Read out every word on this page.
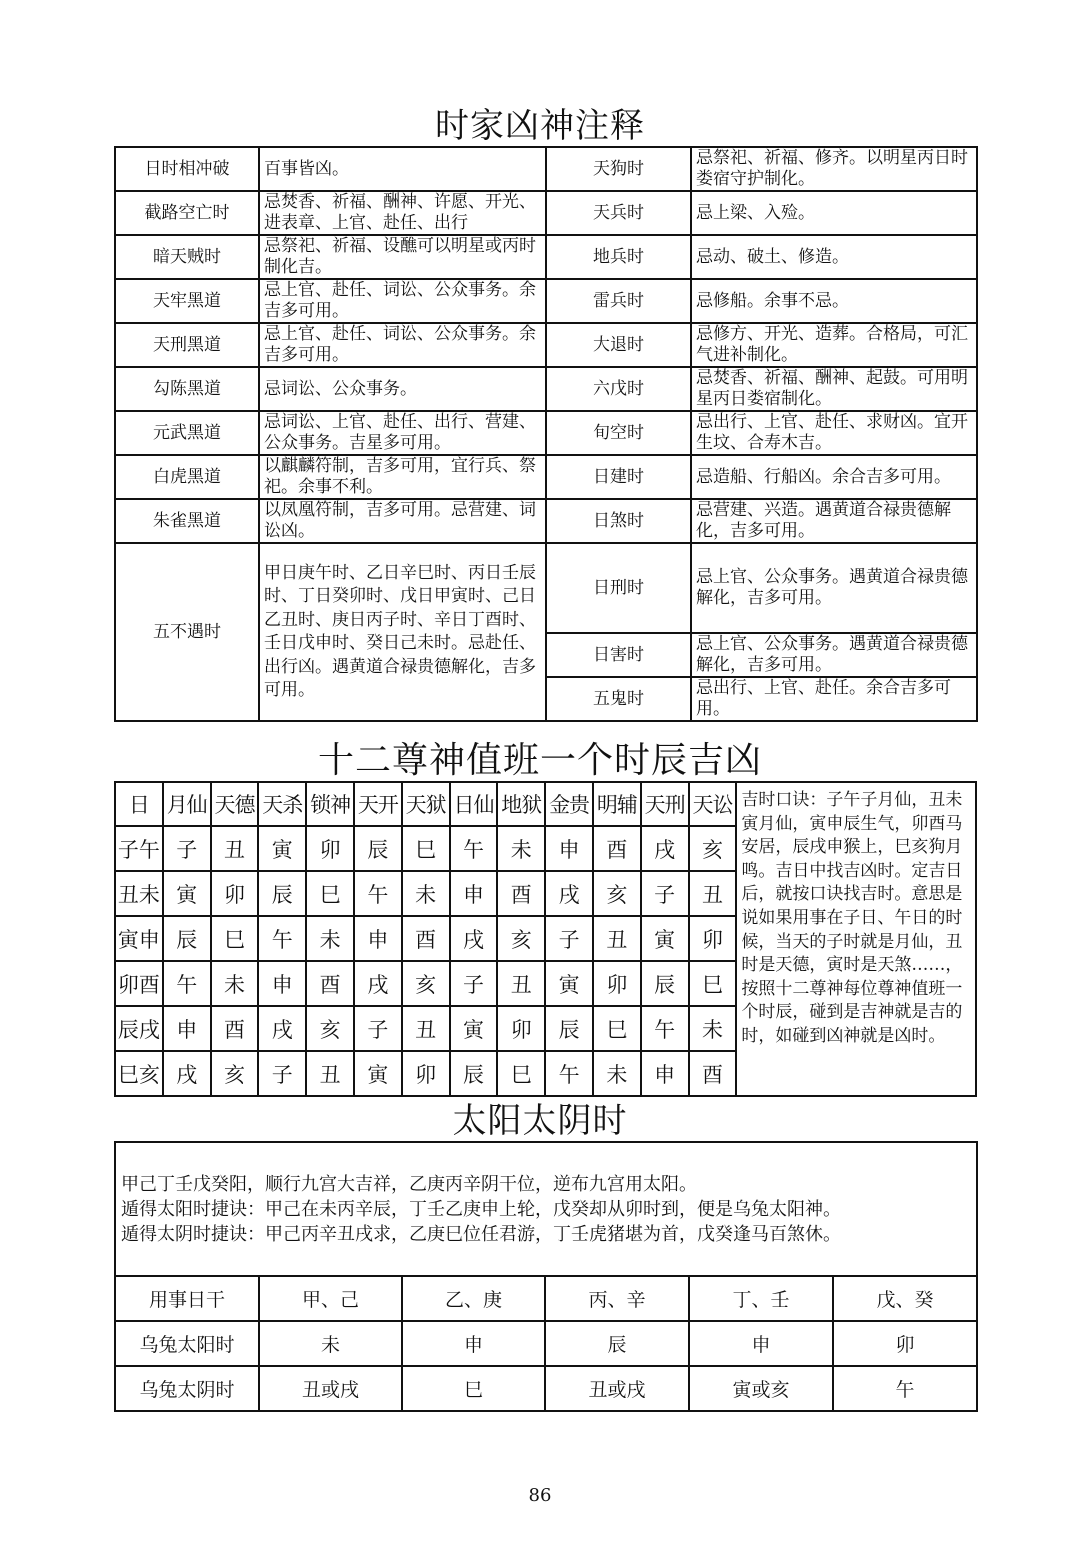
时家凶神注释
日时相冲破	百事皆凶。	天狗时	忌祭祀、祈福、修齐。以明星丙日时娄宿守护制化。
截路空亡时	忌焚香、祈福、酬神、许愿、开光、进表章、上官、赴任、出行	天兵时	忌上梁、入殓。
暗天贼时	忌祭祀、祈福、设醮可以明星或丙时制化吉。	地兵时	忌动、破土、修造。
天牢黑道	忌上官、赴任、词讼、公众事务。余吉多可用。	雷兵时	忌修船。余事不忌。
天刑黑道	忌上官、赴任、词讼、公众事务。余吉多可用。	大退时	忌修方、开光、造葬。合格局，可汇气进补制化。
勾陈黑道	忌词讼、公众事务。	六戊时	忌焚香、祈福、酬神、起鼓。可用明星丙日娄宿制化。
元武黑道	忌词讼、上官、赴任、出行、营建、公众事务。吉星多可用。	旬空时	忌出行、上官、赴任、求财凶。宜开生坟、合寿木吉。
白虎黑道	以麒麟符制，吉多可用，宜行兵、祭祀。余事不利。	日建时	忌造船、行船凶。余合吉多可用。
朱雀黑道	以凤凰符制，吉多可用。忌营建、词讼凶。	日煞时	忌营建、兴造。遇黄道合禄贵德解化，吉多可用。
五不遇时	甲日庚午时、乙日辛巳时、丙日壬辰时、丁日癸卯时、戊日甲寅时、己日乙丑时、庚日丙子时、辛日丁酉时、壬日戊申时、癸日己未时。忌赴任、出行凶。遇黄道合禄贵德解化，吉多可用。	日刑时	忌上官、公众事务。遇黄道合禄贵德解化，吉多可用。
		日害时	忌上官、公众事务。遇黄道合禄贵德解化，吉多可用。
		五鬼时	忌出行、上官、赴任。余合吉多可用。
十二尊神值班一个时辰吉凶
日	月仙	天德	天杀	锁神	天开	天狱	日仙	地狱	金贵	明辅	天刑	天讼	吉时口诀：子午子月仙，丑未寅月仙，寅申辰生气，卯酉马安居，辰戌申猴上，巳亥狗月鸣。吉日中找吉凶时。定吉日后，就按口诀找吉时。意思是说如果用事在子日、午日的时候，当天的子时就是月仙，丑时是天德，寅时是天煞……，按照十二尊神每位尊神值班一个时辰，碰到是吉神就是吉的时，如碰到凶神就是凶时。
子午	子	丑	寅	卯	辰	巳	午	未	申	酉	戌	亥	
丑未	寅	卯	辰	巳	午	未	申	酉	戌	亥	子	丑	
寅申	辰	巳	午	未	申	酉	戌	亥	子	丑	寅	卯	
卯酉	午	未	申	酉	戌	亥	子	丑	寅	卯	辰	巳	
辰戌	申	酉	戌	亥	子	丑	寅	卯	辰	巳	午	未	
巳亥	戌	亥	子	丑	寅	卯	辰	巳	午	未	申	酉	
太阳太阴时
甲己丁壬戊癸阳，顺行九宫大吉祥，乙庚丙辛阴干位，逆布九宫用太阳。
遁得太阳时捷诀：甲己在未丙辛辰，丁壬乙庚申上轮，戊癸却从卯时到，便是乌兔太阳神。
遁得太阴时捷诀：甲己丙辛丑戌求，乙庚巳位任君游，丁壬虎猪堪为首，戊癸逢马百煞休。					

用事日干	甲、己	乙、庚	丙、辛	丁、壬	戊、癸
乌兔太阳时	未	申	辰	申	卯
乌兔太阴时	丑或戌	巳	丑或戌	寅或亥	午
86
